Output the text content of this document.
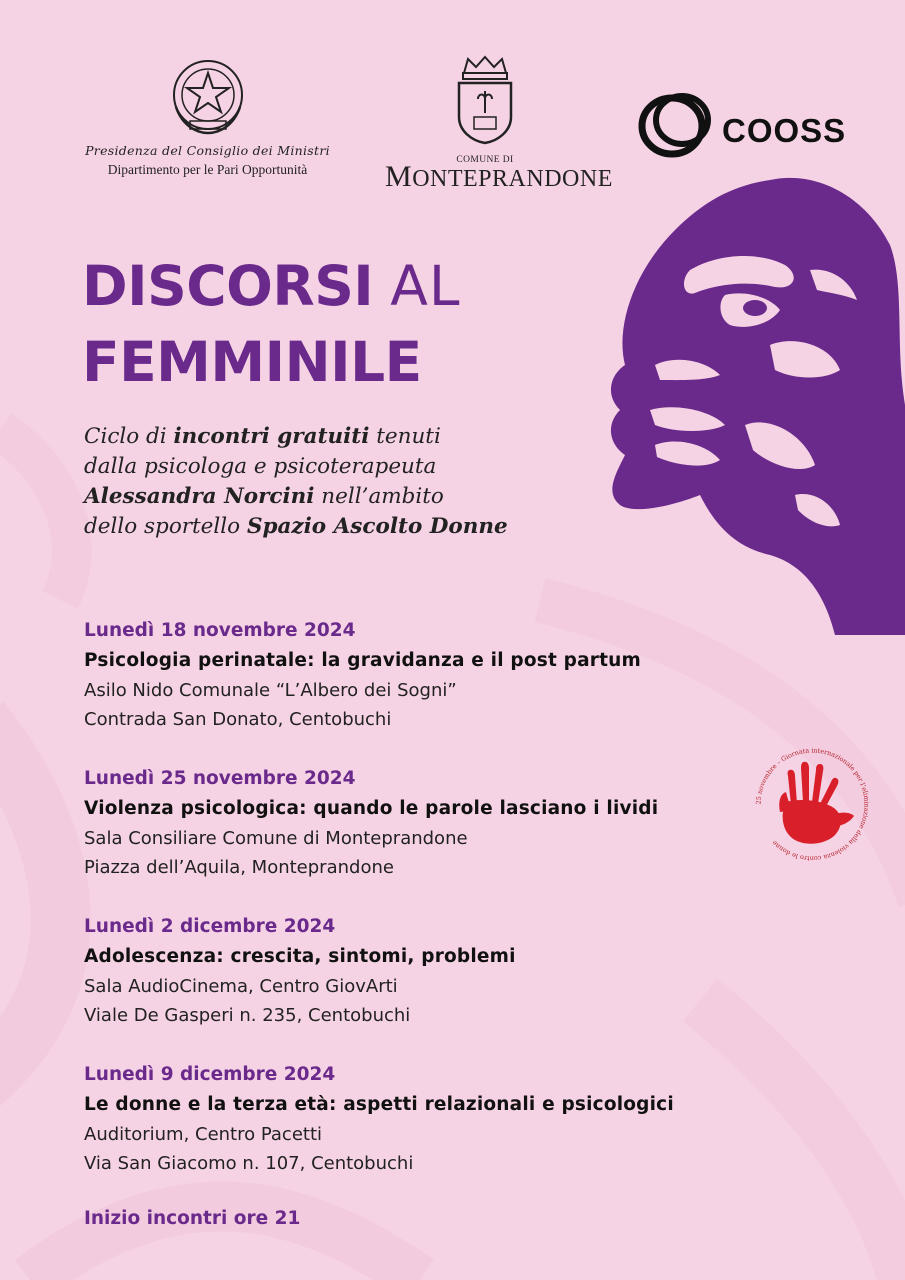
Presidenza del Consiglio dei Ministri
Dipartimento per le Pari Opportunità
COMUNE DI
MONTEPRANDONE
COOSS
DISCORSI AL
FEMMINILE
Ciclo di incontri gratuiti tenuti
dalla psicologa e psicoterapeuta
Alessandra Norcini nell’ambito
dello sportello Spazio Ascolto Donne
Lunedì 18 novembre 2024
Psicologia perinatale: la gravidanza e il post partum
Asilo Nido Comunale “L’Albero dei Sogni”
Contrada San Donato, Centobuchi
Lunedì 25 novembre 2024
Violenza psicologica: quando le parole lasciano i lividi
Sala Consiliare Comune di Monteprandone
Piazza dell’Aquila, Monteprandone
Lunedì 2 dicembre 2024
Adolescenza: crescita, sintomi, problemi
Sala AudioCinema, Centro GiovArti
Viale De Gasperi n. 235, Centobuchi
Lunedì 9 dicembre 2024
Le donne e la terza età: aspetti relazionali e psicologici
Auditorium, Centro Pacetti
Via San Giacomo n. 107, Centobuchi
Inizio incontri ore 21
25 novembre – Giornata internazionale per l’eliminazione della violenza contro le donne
